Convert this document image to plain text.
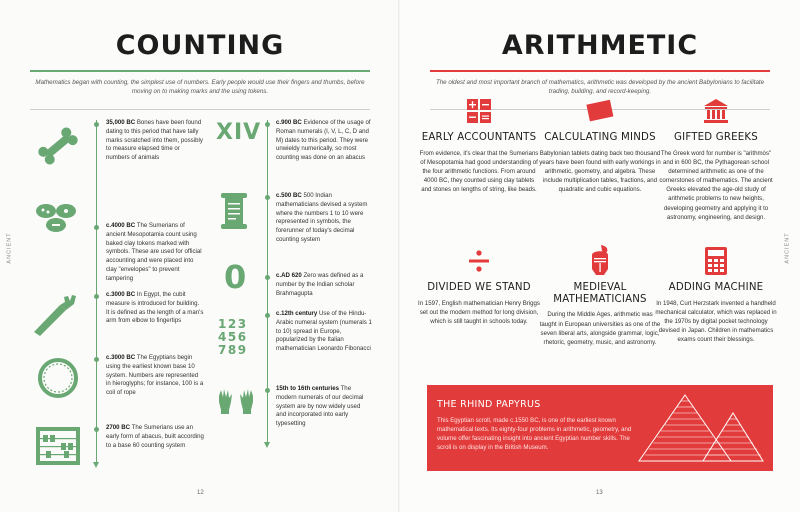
COUNTING
Mathematics began with counting, the simplest use of numbers. Early people would use their fingers and thumbs, before moving on to making marks and the using tokens.
ANCIENT
35,000 BC Bones have been found dating to this period that have tally marks scratched into them, possibly to measure elapsed time or numbers of animals
c.4000 BC The Sumerians of ancient Mesopotamia count using baked clay tokens marked with symbols. These are used for official accounting and were placed into clay "envelopes" to prevent tampering
c.3000 BC In Egypt, the cubit measure is introduced for building. It is defined as the length of a man's arm from elbow to fingertips
c.3000 BC The Egyptians begin using the earliest known base 10 system. Numbers are represented in hieroglyphs; for instance, 100 is a coil of rope
2700 BC The Sumerians use an early form of abacus, built according to a base 60 counting system
XIV
0
123
456
789
c.900 BC Evidence of the usage of Roman numerals (I, V, L, C, D and M) dates to this period. They were unwieldy numerically, so most counting was done on an abacus
c.500 BC 500 Indian mathematicians devised a system where the numbers 1 to 10 were represented in symbols, the forerunner of today's decimal counting system
c.AD 620 Zero was defined as a number by the Indian scholar Brahmagupta
c.12th century Use of the Hindu-Arabic numeral system (numerals 1 to 10) spread in Europe, popularized by the Italian mathematician Leonardo Fibonacci
15th to 16th centuries The modern numerals of our decimal system are by now widely used and incorporated into early typesetting
12
ARITHMETIC
The oldest and most important branch of mathematics, arithmetic was developed by the ancient Babylonians to facilitate trading, building, and record-keeping.
ANCIENT
13
EARLY ACCOUNTANTS
From evidence, it's clear that the Sumerians of Mesopotamia had good understanding of the four arithmetic functions. From around 4000 BC, they counted using clay tablets and stones on lengths of string, like beads.
CALCULATING MINDS
Babylonian tablets dating back two thousand years have been found with early workings in arithmetic, geometry, and algebra. These include multiplication tables, fractions, and quadratic and cubic equations.
GIFTED GREEKS
The Greek word for number is "arithmós" and in 600 BC, the Pythagorean school determined arithmetic as one of the cornerstones of mathematics. The ancient Greeks elevated the age-old study of arithmetic problems to new heights, developing geometry and applying it to astronomy, engineering, and design.
DIVIDED WE STAND
In 1597, English mathematician Henry Briggs set out the modern method for long division, which is still taught in schools today.
MEDIEVAL MATHEMATICIANS
During the Middle Ages, arithmetic was taught in European universities as one of the seven liberal arts, alongside grammar, logic, rhetoric, geometry, music, and astronomy.
ADDING MACHINE
In 1948, Curt Herzstark invented a handheld mechanical calculator, which was replaced in the 1970s by digital pocket technology devised in Japan. Children in mathematics exams count their blessings.
THE RHIND PAPYRUS
This Egyptian scroll, made c.1550 BC, is one of the earliest known mathematical texts. Its eighty-four problems in arithmetic, geometry, and volume offer fascinating insight into ancient Egyptian number skills. The scroll is on display in the British Museum.
